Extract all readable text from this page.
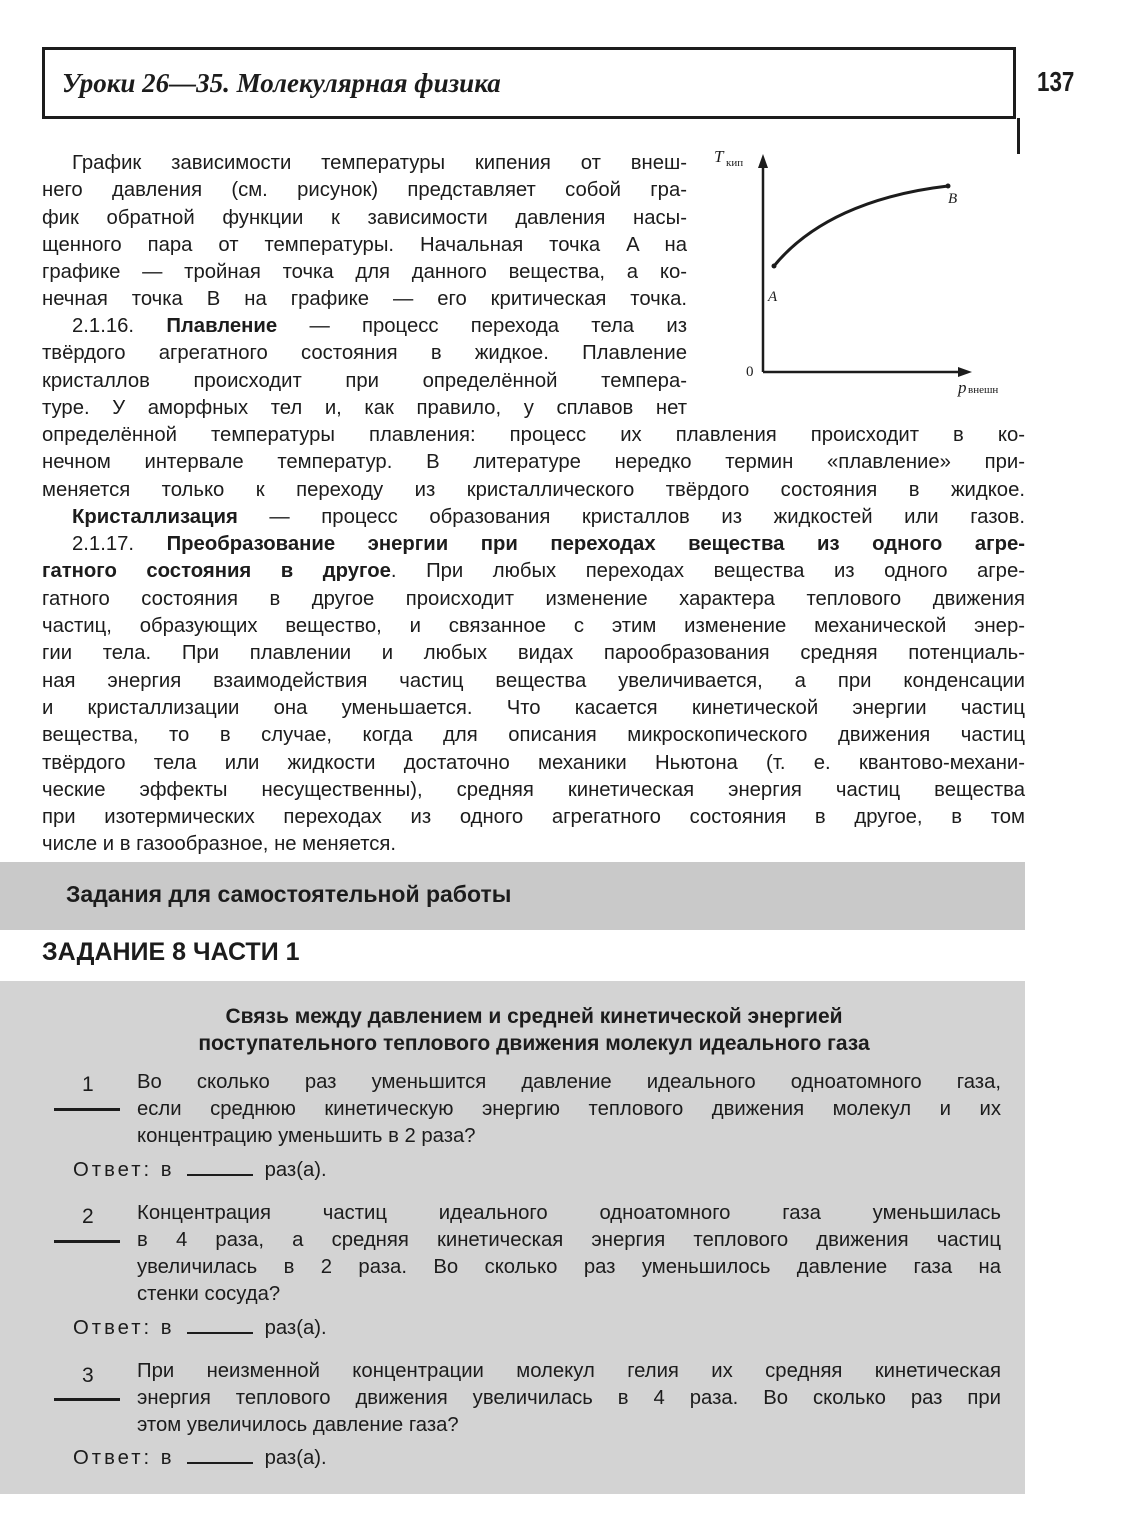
Уроки 26—35. Молекулярная физика	137
T кип
p внешн
0
A
B
График зависимости температуры кипения от внеш-
него давления (см. рисунок) представляет собой гра-
фик обратной функции к зависимости давления насы-
щенного пара от температуры. Начальная точка A на
графике — тройная точка для данного вещества, а ко-
нечная точка B на графике — его критическая точка.
2.1.16. Плавление — процесс перехода тела из
твёрдого агрегатного состояния в жидкое. Плавление
кристаллов происходит при определённой темпера-
туре. У аморфных тел и, как правило, у сплавов нет
определённой температуры плавления: процесс их плавления происходит в ко-
нечном интервале температур. В литературе нередко термин «плавление» при-
меняется только к переходу из кристаллического твёрдого состояния в жидкое.
Кристаллизация — процесс образования кристаллов из жидкостей или газов.
2.1.17. Преобразование энергии при переходах вещества из одного агре-
гатного состояния в другое. При любых переходах вещества из одного агре-
гатного состояния в другое происходит изменение характера теплового движения
частиц, образующих вещество, и связанное с этим изменение механической энер-
гии тела. При плавлении и любых видах парообразования средняя потенциаль-
ная энергия взаимодействия частиц вещества увеличивается, а при конденсации
и кристаллизации она уменьшается. Что касается кинетической энергии частиц
вещества, то в случае, когда для описания микроскопического движения частиц
твёрдого тела или жидкости достаточно механики Ньютона (т. е. квантово-механи-
ческие эффекты несущественны), средняя кинетическая энергия частиц вещества
при изотермических переходах из одного агрегатного состояния в другое, в том
числе и в газообразное, не меняется.
Задания для самостоятельной работы
ЗАДАНИЕ 8 ЧАСТИ 1
Связь между давлением и средней кинетической энергией
поступательного теплового движения молекул идеального газа
1 Во сколько раз уменьшится давление идеального одноатомного газа,
если среднюю кинетическую энергию теплового движения молекул и их
концентрацию уменьшить в 2 раза?
Ответ: в	раз(а).
2 Концентрация частиц идеального одноатомного газа уменьшилась
в 4 раза, а средняя кинетическая энергия теплового движения частиц
увеличилась в 2 раза. Во сколько раз уменьшилось давление газа на
стенки сосуда?
Ответ: в	раз(а).
3 При неизменной концентрации молекул гелия их средняя кинетическая
энергия теплового движения увеличилась в 4 раза. Во сколько раз при
этом увеличилось давление газа?
Ответ: в	раз(а).
